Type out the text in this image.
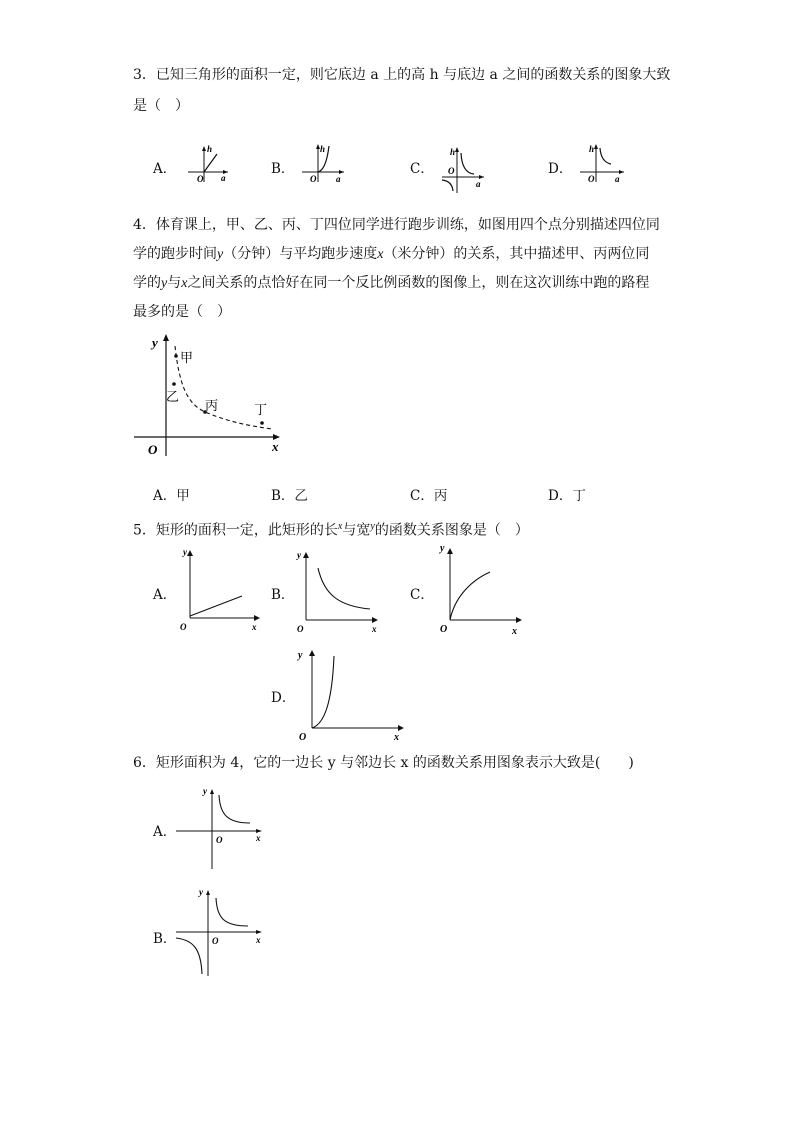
3．已知三角形的面积一定，则它底边 a 上的高 h 与底边 a 之间的函数关系的图象大致
是（　）
A．
O
h
a
B．
O
h
a
C． O
h
a
D．
O
h
a
4．体育课上，甲、乙、丙、丁四位同学进行跑步训练，如图用四个点分别描述四位同
学的跑步时间y（分钟）与平均跑步速度x（米分钟）的关系，其中描述甲、丙两位同
学的y与x之间关系的点恰好在同一个反比例函数的图像上，则在这次训练中跑的路程
最多的是（　）
O
y
x
甲
乙
丙	丁
A．甲	B．乙	C．丙	D．丁
5．矩形的面积一定，此矩形的长$^x$与宽$^y$的函数关系图象是（　）
A．
O
y
x
B．
O
y
x
C．
O
y
x
D．
O
y
x
6．矩形面积为 4，它的一边长 y 与邻边长 x 的函数关系用图象表示大致是(　　)
A．	O
y
x
B．	O
y
x
